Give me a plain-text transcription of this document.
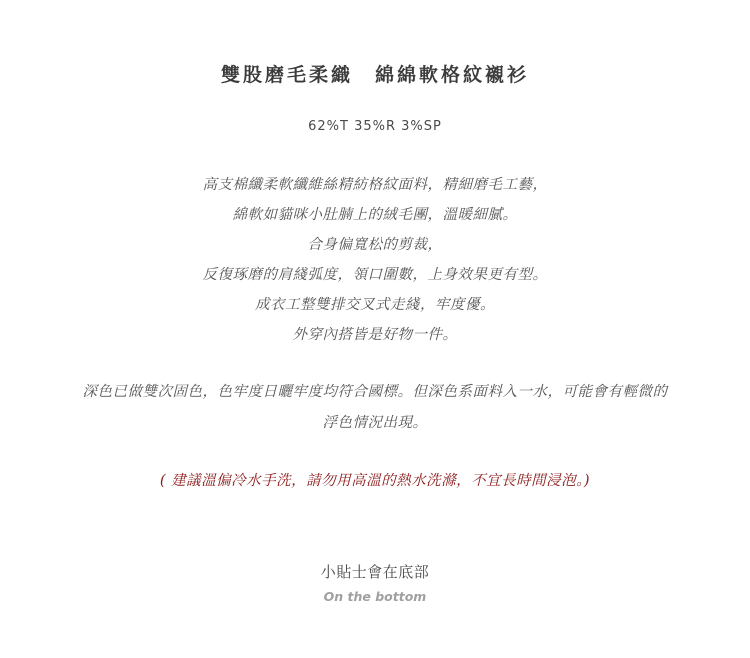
雙股磨毛柔織　綿綿軟格紋襯衫
62%T 35%R 3%SP
高支棉纖柔軟纖維絲精紡格紋面料，精細磨毛工藝，
綿軟如貓咪小肚腩上的絨毛團，溫暖細膩。
合身偏寬松的剪裁，
反復琢磨的肩綫弧度，領口圍數，上身效果更有型。
成衣工整雙排交叉式走綫，牢度優。
外穿內搭皆是好物一件。
深色已做雙次固色，色牢度日曬牢度均符合國標。但深色系面料入一水，可能會有輕微的
浮色情況出現。
( 建議溫偏冷水手洗，請勿用高溫的熱水洗滌，不宜長時間浸泡。)
小貼士會在底部
On the bottom
